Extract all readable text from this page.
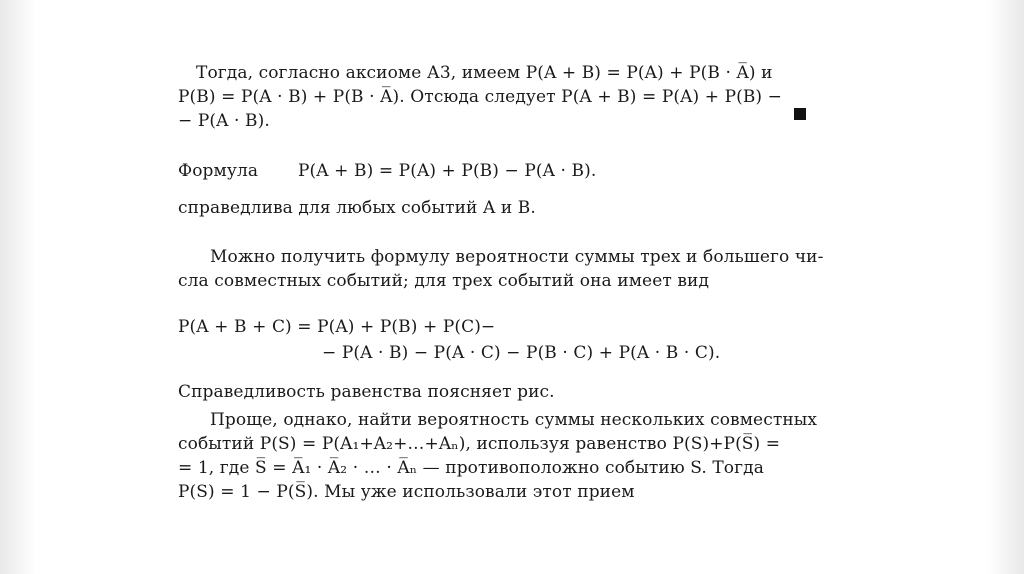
Тогда, согласно аксиоме А3, имеем P(A + B) = P(A) + P(B · A̅) и
P(B) = P(A · B) + P(B · A̅). Отсюда следует P(A + B) = P(A) + P(B) −
− P(A · B).
Формула P(A + B) = P(A) + P(B) − P(A · B).
справедлива для любых событий A и B.
Можно получить формулу вероятности суммы трех и большего чи-
сла совместных событий; для трех событий она имеет вид
P(A + B + C) = P(A) + P(B) + P(C)−
− P(A · B) − P(A · C) − P(B · C) + P(A · B · C).
Справедливость равенства поясняет рис.
Проще, однако, найти вероятность суммы нескольких совместных
событий P(S) = P(A₁+A₂+…+Aₙ), используя равенство P(S)+P(S̅) =
= 1, где S̅ = A̅₁ · A̅₂ · … · A̅ₙ — противоположно событию S. Тогда
P(S) = 1 − P(S̅). Мы уже использовали этот прием
